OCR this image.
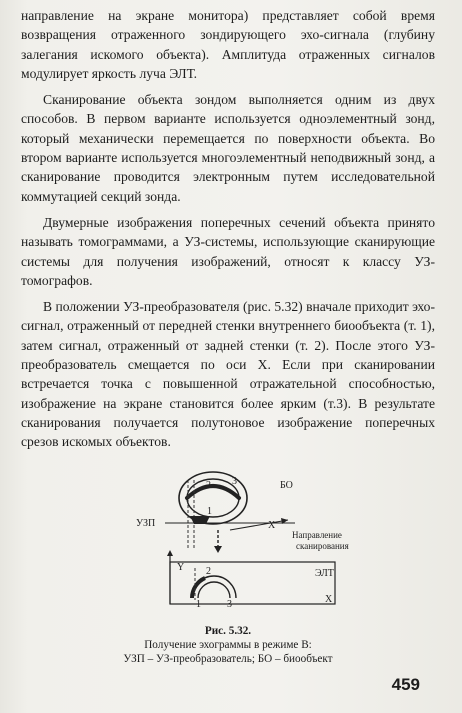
направление на экране монитора) представляет собой время возвращения отраженного зондирующего эхо-сигнала (глубину залегания искомого объекта). Амплитуда отраженных сигналов модулирует яркость луча ЭЛТ.

Сканирование объекта зондом выполняется одним из двух способов. В первом варианте используется одноэлементный зонд, который механически перемещается по поверхности объекта. Во втором варианте используется многоэлементный неподвижный зонд, а сканирование проводится электронным путем исследовательной коммутацией секций зонда.

Двумерные изображения поперечных сечений объекта принято называть томограммами, а УЗ-системы, использующие сканирующие системы для получения изображений, относят к классу УЗ-томографов.

В положении УЗ-преобразователя (рис. 5.32) вначале приходит эхо-сигнал, отраженный от передней стенки внутреннего биообъекта (т. 1), затем сигнал, отраженный от задней стенки (т. 2). После этого УЗ-преобразователь смещается по оси X. Если при сканировании встречается точка с повышенной отражательной способностью, изображение на экране становится более ярким (т.3). В результате сканирования получается полутоновое изображение поперечных срезов искомых объектов.

2 3
1
БО
УЗП	X
Направление
сканирования
Y
ЭЛТ
2
1	3	X
Рис. 5.32.
Получение эхограммы в режиме В:
УЗП – УЗ-преобразователь; БО – биообъект
459
